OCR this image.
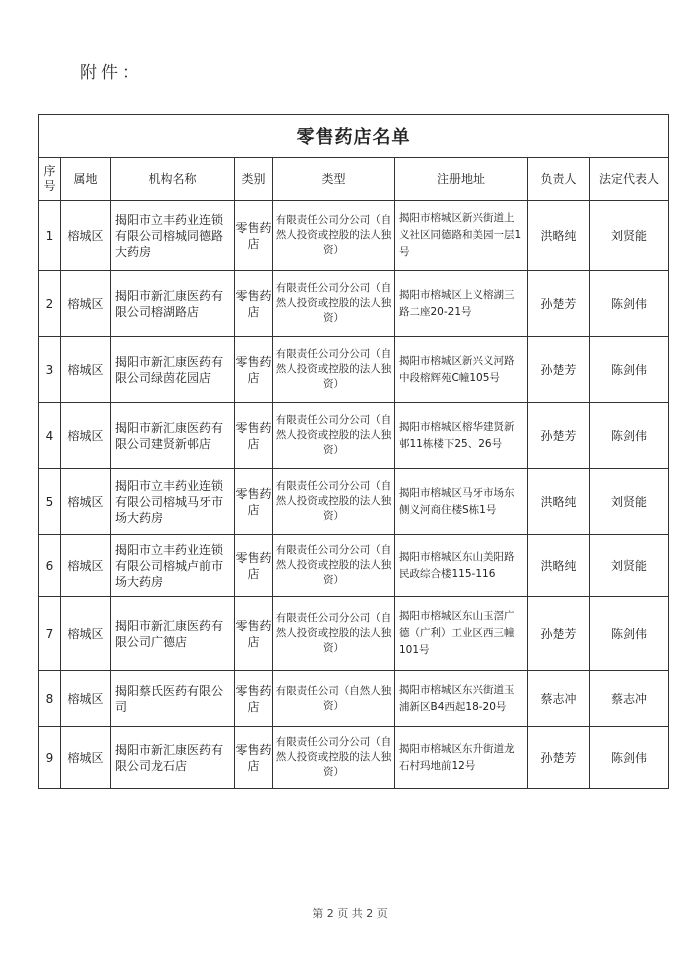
附件：
零售药店名单							
序号	属地	机构名称	类别	类型	注册地址	负责人	法定代表人
1	榕城区	揭阳市立丰药业连锁有限公司榕城同德路大药房	零售药店	有限责任公司分公司（自然人投资或控股的法人独资）	揭阳市榕城区新兴街道上义社区同德路和美园一层1号	洪略纯	刘贤能
2	榕城区	揭阳市新汇康医药有限公司榕湖路店	零售药店	有限责任公司分公司（自然人投资或控股的法人独资）	揭阳市榕城区上义榕湖三路二座20-21号	孙楚芳	陈剑伟
3	榕城区	揭阳市新汇康医药有限公司绿茵花园店	零售药店	有限责任公司分公司（自然人投资或控股的法人独资）	揭阳市榕城区新兴义河路中段榕辉苑C幢105号	孙楚芳	陈剑伟
4	榕城区	揭阳市新汇康医药有限公司建贤新邨店	零售药店	有限责任公司分公司（自然人投资或控股的法人独资）	揭阳市榕城区榕华建贤新邨11栋楼下25、26号	孙楚芳	陈剑伟
5	榕城区	揭阳市立丰药业连锁有限公司榕城马牙市场大药房	零售药店	有限责任公司分公司（自然人投资或控股的法人独资）	揭阳市榕城区马牙市场东侧义河商住楼S栋1号	洪略纯	刘贤能
6	榕城区	揭阳市立丰药业连锁有限公司榕城卢前市场大药房	零售药店	有限责任公司分公司（自然人投资或控股的法人独资）	揭阳市榕城区东山美阳路民政综合楼115-116	洪略纯	刘贤能
7	榕城区	揭阳市新汇康医药有限公司广德店	零售药店	有限责任公司分公司（自然人投资或控股的法人独资）	揭阳市榕城区东山玉滘广德（广利）工业区西三幢101号	孙楚芳	陈剑伟
8	榕城区	揭阳蔡氏医药有限公司	零售药店	有限责任公司（自然人独资）	揭阳市榕城区东兴街道玉浦新区B4西起18-20号	蔡志冲	蔡志冲
9	榕城区	揭阳市新汇康医药有限公司龙石店	零售药店	有限责任公司分公司（自然人投资或控股的法人独资）	揭阳市榕城区东升街道龙石村玛地前12号	孙楚芳	陈剑伟
第 2 页 共 2 页
